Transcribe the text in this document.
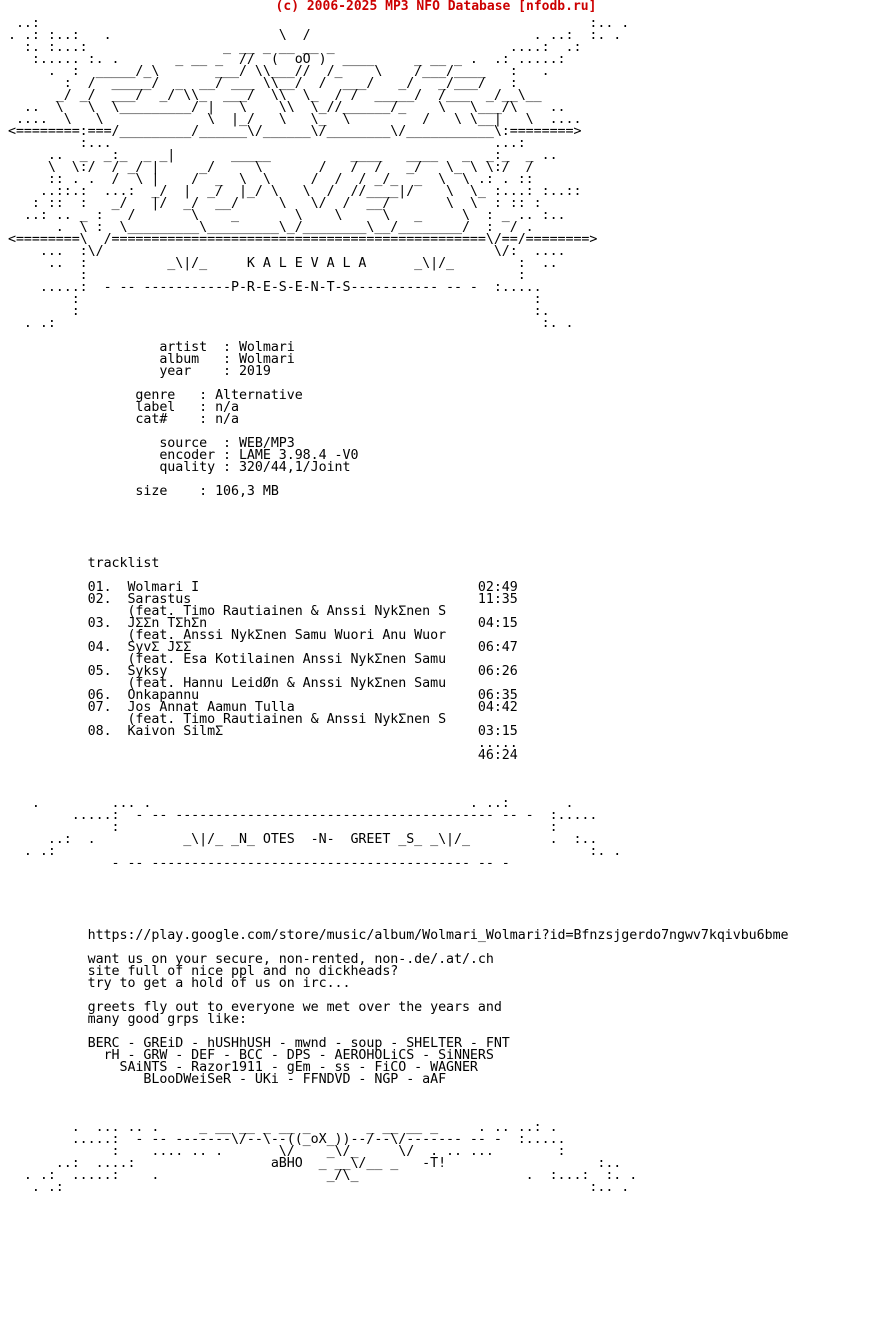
(c) 2006-2025 MP3 NFO Database [nfodb.ru]
..:                                                                     :.. .
. .: :..:   .                     \  /                            . ..:  :. .
:. :...:                 _ __ _ __ __ _                      ....:  .:
:..... :. .       _ __ _  //  (  oO )  ____     _ __ _ .  .: .....:
.  :  _____/_\       ___/ \\___//  /_    \    /___/____   :   .
:  /  _____/  _  __/ ___ \\__/  /  ___/   _/   _/___/   :
_/ _/  ___/  _/ \\_  ___/  \\  \_  / /  _____/  /___  _/__\__
..  \   \  \_________/ |   \    \\  \_//______/_    \   \___/\    ..
....  \   \             \  |_/   \   \_  \         /   \ \__|   \  ....
<========:===/_________/______\/______\/________\/___________\:========>
:...                                                ...:
..  _  _:_  _ _|       _____          ____   ____   _  _:_  _ ..
\  \:/  / _/ |     _/     \       /   /  /   _/   \_ \ \:/  /
:: . .  /  \ |    /  _  \  \     /  /  / _/_  _  \  \ .: . ::
..::.:  ...:  _/  |  _/  |_/ \   \  /  //____|/    \  \_ :...: :..::
: ::  :   _/   |/  _/  __/     \   \/  /  __/       \  \  : :: :
..: .. _ :   /       \    _       \    \     \   _     \  : _ .. :..
.  \ :  \_________\_________\_/________\__/________/  :  / .
<========\  /===============================================\/==/========>
...  :\/                                                 \/:  ....
..  :          _\|/_     K A L E V A L A      _\|/_        :  ..
:                                                      :
.....:  - -- -----------P-R-E-S-E-N-T-S----------- -- -  :.....
:                                                         :
:                                                         :.
. .:                                                             :. .

artist  : Wolmari
album   : Wolmari
year    : 2019

genre   : Alternative
label   : n/a
cat#    : n/a

source  : WEB/MP3
encoder : LAME 3.98.4 -V0
quality : 320/44,1/Joint

size    : 106,3 MB

tracklist

01.  Wolmari I                                   02:49
02.  Sarastus                                    11:35
(feat. Timo Rautiainen & Anssi NykΣnen S
03.  JΣΣn TΣhΣn                                  04:15
(feat. Anssi NykΣnen Samu Wuori Anu Wuor
04.  SyvΣ JΣΣ                                    06:47
(feat. Esa Kotilainen Anssi NykΣnen Samu
05.  Syksy                                       06:26
(feat. Hannu LeidØn & Anssi NykΣnen Samu
06.  Onkapannu                                   06:35
07.  Jos Annat Aamun Tulla                       04:42
(feat. Timo Rautiainen & Anssi NykΣnen S
08.  Kaivon SilmΣ                                03:15
.....
46:24

.         ... .                                        . ..:       .
.....:  - -- ---------------------------------------- -- -  :.....
:                                                      :
..:  .           _\|/_ _N_ OTES  -N-  GREET _S_ _\|/_          .  :..
. .:                                                                   :. .
- -- ---------------------------------------- -- -

https://play.google.com/store/music/album/Wolmari_Wolmari?id=Bfnzsjgerdo7ngwv7kqivbu6bme

want us on your secure, non-rented, non-.de/.at/.ch
site full of nice ppl and no dickheads?
try to get a hold of us on irc...

greets fly out to everyone we met over the years and
many good grps like:

BERC - GREiD - hUSHhUSH - mwnd - soup - SHELTER - FNT
rH - GRW - DEF - BCC - DPS - AEROHOLiCS - SiNNERS
SAiNTS - Razor1911 - gEm - ss - FiCO - WAGNER
BLooDWeiSeR - UKi - FFNDVD - NGP - aAF

.  ... .. .     _ __ __ _ __ _       _ __ __ _     . .. ..: .
.....:  - -- -------\/--\--((_oX_))--/--\/------- -- -  :.....
:    .... .. .       \/    _\/_     \/  . .. ...        :
..:  ....:                 aBHO  _ __\/__ _   -T!                   :..
. .:  .....:    .                     _/\_                     .  :...:  :. .
. .:                                                                  :.. .
